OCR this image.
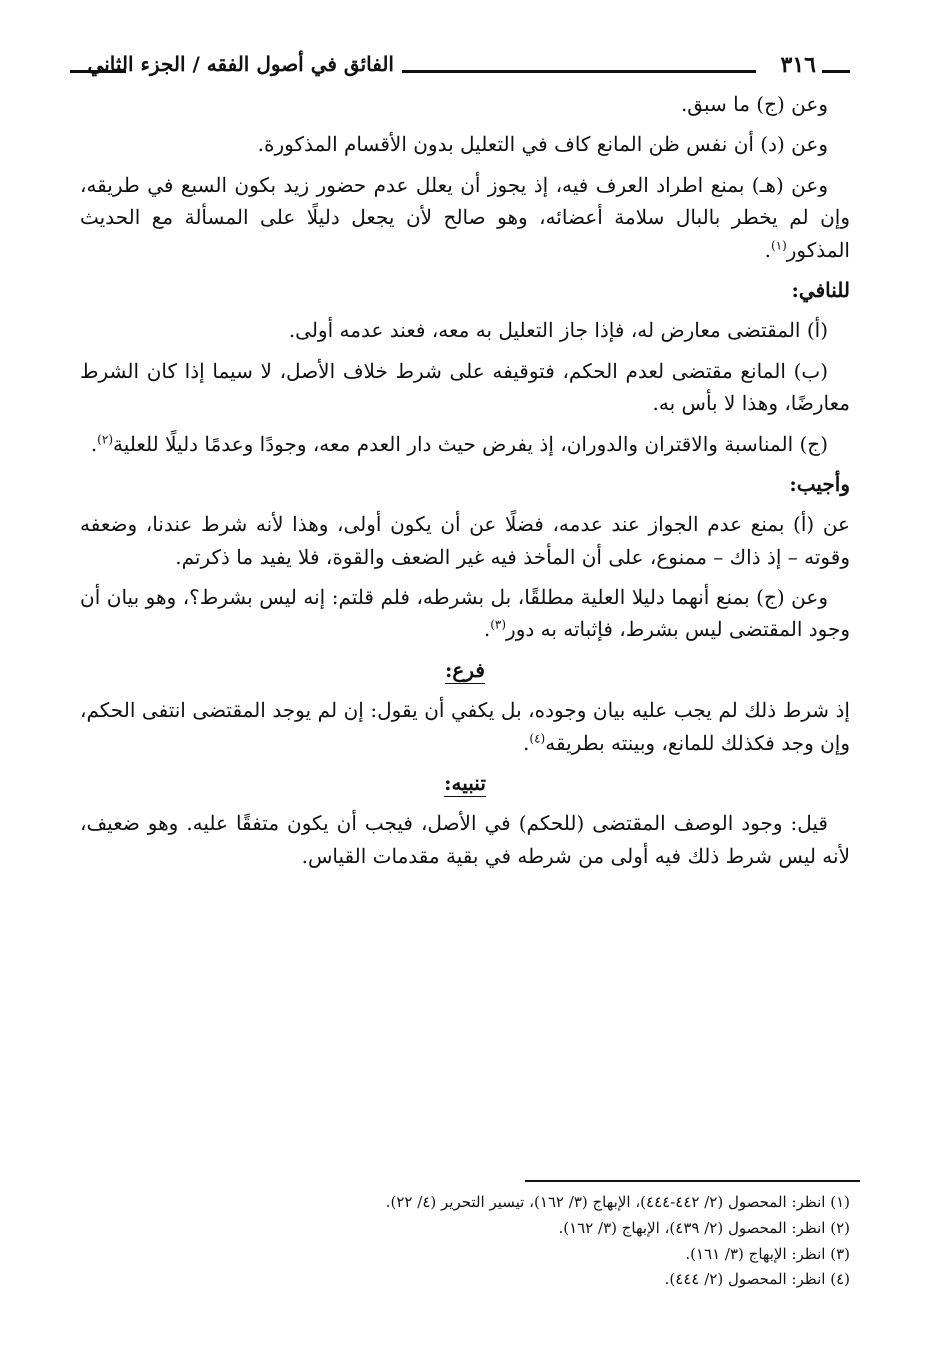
٣١٦
الفائق في أصول الفقه / الجزء الثاني

وعن (ج) ما سبق.

وعن (د) أن نفس ظن المانع كاف في التعليل بدون الأقسام المذكورة.

وعن (هـ) بمنع اطراد العرف فيه، إذ يجوز أن يعلل عدم حضور زيد بكون السبع في طريقه، وإن لم يخطر بالبال سلامة أعضائه، وهو صالح لأن يجعل دليلًا على المسألة مع الحديث المذكور$^{(١)}$.

للنافي:

(أ) المقتضى معارض له، فإذا جاز التعليل به معه، فعند عدمه أولى.

(ب) المانع مقتضى لعدم الحكم، فتوقيفه على شرط خلاف الأصل، لا سيما إذا كان الشرط معارضًا، وهذا لا بأس به.

(ج) المناسبة والاقتران والدوران، إذ يفرض حيث دار العدم معه، وجودًا وعدمًا دليلًا للعلية$^{(٢)}$.

وأجيب:

عن (أ) بمنع عدم الجواز عند عدمه، فضلًا عن أن يكون أولى، وهذا لأنه شرط عندنا، وضعفه وقوته – إذ ذاك – ممنوع، على أن المأخذ فيه غير الضعف والقوة، فلا يفيد ما ذكرتم.

وعن (ج) بمنع أنهما دليلا العلية مطلقًا، بل بشرطه، فلم قلتم: إنه ليس بشرط؟، وهو بيان أن وجود المقتضى ليس بشرط، فإثباته به دور$^{(٣)}$.

فرع:

إذ شرط ذلك لم يجب عليه بيان وجوده، بل يكفي أن يقول: إن لم يوجد المقتضى انتفى الحكم، وإن وجد فكذلك للمانع، وبينته بطريقه$^{(٤)}$.

تنبيه:

قيل: وجود الوصف المقتضى (للحكم) في الأصل، فيجب أن يكون متفقًا عليه. وهو ضعيف، لأنه ليس شرط ذلك فيه أولى من شرطه في بقية مقدمات القياس.

(١) انظر: المحصول (٢/ ٤٤٢-٤٤٤)، الإبهاج (٣/ ١٦٢)، تيسير التحرير (٤/ ٢٢).
(٢) انظر: المحصول (٢/ ٤٣٩)، الإبهاج (٣/ ١٦٢).
(٣) انظر: الإبهاج (٣/ ١٦١).
(٤) انظر: المحصول (٢/ ٤٤٤).
